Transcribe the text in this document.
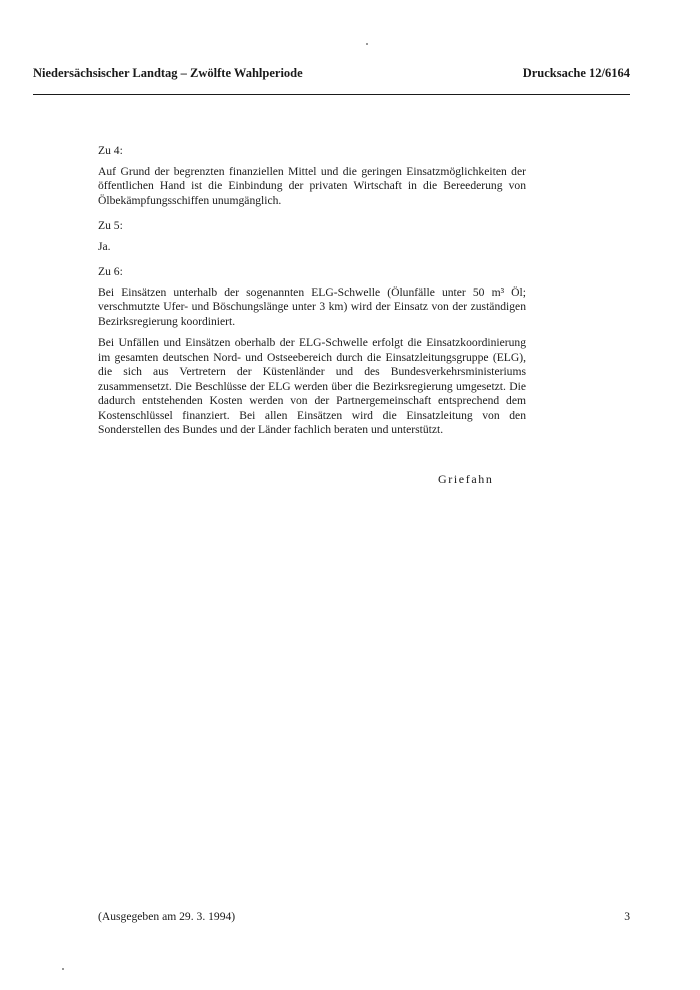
Niedersächsischer Landtag – Zwölfte Wahlperiode	Drucksache 12/6164
Zu 4:

Auf Grund der begrenzten finanziellen Mittel und die geringen Einsatzmöglichkeiten der öffentlichen Hand ist die Einbindung der privaten Wirtschaft in die Bereederung von Ölbekämpfungsschiffen unumgänglich.

Zu 5:

Ja.

Zu 6:

Bei Einsätzen unterhalb der sogenannten ELG-Schwelle (Ölunfälle unter 50 m³ Öl; verschmutzte Ufer- und Böschungslänge unter 3 km) wird der Einsatz von der zuständigen Bezirksregierung koordiniert.

Bei Unfällen und Einsätzen oberhalb der ELG-Schwelle erfolgt die Einsatzkoordinierung im gesamten deutschen Nord- und Ostseebereich durch die Einsatzleitungsgruppe (ELG), die sich aus Vertretern der Küstenländer und des Bundesverkehrsministeriums zusammensetzt. Die Beschlüsse der ELG werden über die Bezirksregierung umgesetzt. Die dadurch entstehenden Kosten werden von der Partnergemeinschaft entsprechend dem Kostenschlüssel finanziert. Bei allen Einsätzen wird die Einsatzleitung von den Sonderstellen des Bundes und der Länder fachlich beraten und unterstützt.

Griefahn
(Ausgegeben am 29. 3. 1994)	3
